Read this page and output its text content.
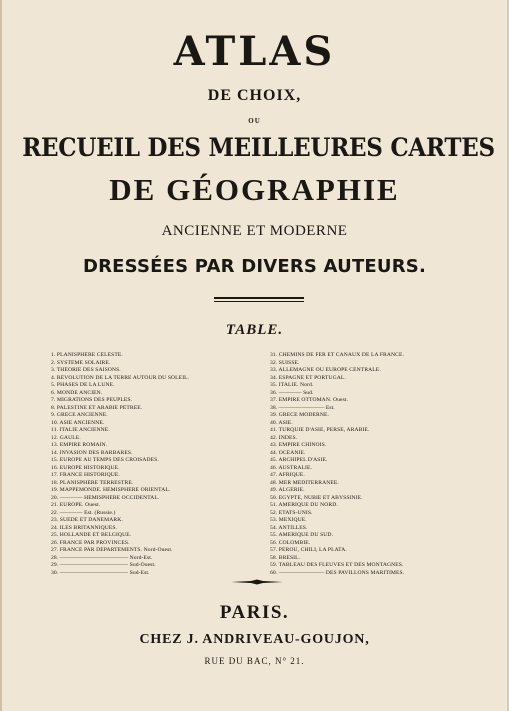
ATLAS
DE CHOIX,
OU
RECUEIL DES MEILLEURES CARTES
DE GÉOGRAPHIE
ANCIENNE ET MODERNE
DRESSÉES PAR DIVERS AUTEURS.
TABLE.
1. PLANISPHÈRE CÉLESTE.
2. SYSTÈME SOLAIRE.
3. THÉORIE DES SAISONS.
4. RÉVOLUTION DE LA TERRE AUTOUR DU SOLEIL.
5. PHASES DE LA LUNE.
6. MONDE ANCIEN.
7. MIGRATIONS DES PEUPLES.
8. PALESTINE ET ARABIE PÉTRÉE.
9. GRÈCE ANCIENNE.
10. ASIE ANCIENNE.
11. ITALIE ANCIENNE.
12. GAULE.
13. EMPIRE ROMAIN.
14. INVASION DES BARBARES.
15. EUROPE AU TEMPS DES CROISADES.
16. EUROPE HISTORIQUE.
17. FRANCE HISTORIQUE.
18. PLANISPHÈRE TERRESTRE.
19. MAPPEMONDE. HÉMISPHÈRE ORIENTAL.
20. ———— HÉMISPHÈRE OCCIDENTAL.
21. EUROPE. Ouest.
22. ———— Est. (Russie.)
23. SUÈDE ET DANEMARK.
24. ILES BRITANNIQUES.
25. HOLLANDE ET BELGIQUE.
26. FRANCE PAR PROVINCES.
27. FRANCE PAR DÉPARTEMENTS. Nord-Ouest.
28. ———————————— Nord-Est.
29. ———————————— Sud-Ouest.
30. ———————————— Sud-Est.
31. CHEMINS DE FER ET CANAUX DE LA FRANCE.
32. SUISSE.
33. ALLEMAGNE OU EUROPE CENTRALE.
34. ESPAGNE ET PORTUGAL.
35. ITALIE. Nord.
36. ———— Sud.
37. EMPIRE OTTOMAN. Ouest.
38. ———————— Est.
39. GRÈCE MODERNE.
40. ASIE.
41. TURQUIE D'ASIE, PERSE, ARABIE.
42. INDES.
43. EMPIRE CHINOIS.
44. OCÉANIE.
45. ARCHIPEL D'ASIE.
46. AUSTRALIE.
47. AFRIQUE.
48. MER MÉDITERRANÉE.
49. ALGÉRIE.
50. ÉGYPTE, NUBIE ET ABYSSINIE.
51. AMÉRIQUE DU NORD.
52. ÉTATS-UNIS.
53. MEXIQUE.
54. ANTILLES.
55. AMÉRIQUE DU SUD.
56. COLOMBIE.
57. PÉROU, CHILI, LA PLATA.
58. BRÉSIL.
59. TABLEAU DES FLEUVES ET DES MONTAGNES.
60. ———————— DES PAVILLONS MARITIMES.
PARIS.
CHEZ J. ANDRIVEAU-GOUJON,
RUE DU BAC, N° 21.
